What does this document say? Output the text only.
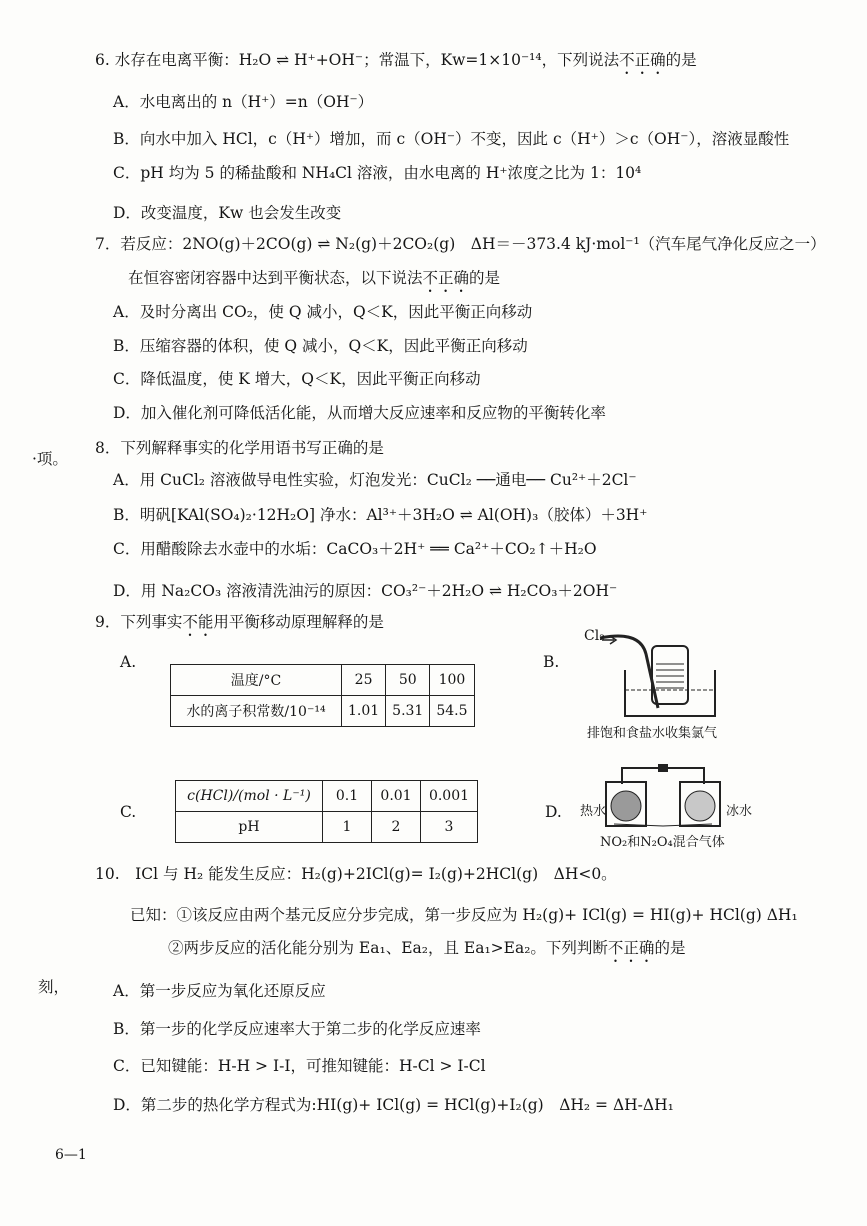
6. 水存在电离平衡：H₂O ⇌ H⁺+OH⁻；常温下，Kw=1×10⁻¹⁴，下列说法不正确的是
A．水电离出的 n（H⁺）=n（OH⁻）
B．向水中加入 HCl，c（H⁺）增加，而 c（OH⁻）不变，因此 c（H⁺）＞c（OH⁻），溶液显酸性
C．pH 均为 5 的稀盐酸和 NH₄Cl 溶液，由水电离的 H⁺浓度之比为 1：10⁴
D．改变温度，Kw 也会发生改变
7．若反应：2NO(g)＋2CO(g) ⇌ N₂(g)＋2CO₂(g)　ΔH＝－373.4 kJ·mol⁻¹（汽车尾气净化反应之一）
在恒容密闭容器中达到平衡状态，以下说法不正确的是
A．及时分离出 CO₂，使 Q 减小，Q＜K，因此平衡正向移动
B．压缩容器的体积，使 Q 减小，Q＜K，因此平衡正向移动
C．降低温度，使 K 增大，Q＜K，因此平衡正向移动
D．加入催化剂可降低活化能，从而增大反应速率和反应物的平衡转化率
·项。
8．下列解释事实的化学用语书写正确的是
A．用 CuCl₂ 溶液做导电性实验，灯泡发光：CuCl₂ ──通电── Cu²⁺＋2Cl⁻
B．明矾[KAl(SO₄)₂·12H₂O] 净水：Al³⁺＋3H₂O ⇌ Al(OH)₃（胶体）＋3H⁺
C．用醋酸除去水壶中的水垢：CaCO₃＋2H⁺ ══ Ca²⁺＋CO₂↑＋H₂O
D．用 Na₂CO₃ 溶液清洗油污的原因：CO₃²⁻＋2H₂O ⇌ H₂CO₃＋2OH⁻
9．下列事实不能用平衡移动原理解释的是
A.
温度/°C	25	50	100
水的离子积常数/10⁻¹⁴	1.01	5.31	54.5
B.
Cl₂
排饱和食盐水收集氯气
C.
c(HCl)/(mol · L⁻¹)	0.1	0.01	0.001
pH	1	2	3
D. 热水	冰水
NO₂和N₂O₄混合气体
10.　ICl 与 H₂ 能发生反应：H₂(g)+2ICl(g)= I₂(g)+2HCl(g)　ΔH<0。
已知：①该反应由两个基元反应分步完成，第一步反应为 H₂(g)+ ICl(g) = HI(g)+ HCl(g) ΔH₁
②两步反应的活化能分别为 Ea₁、Ea₂，且 Ea₁>Ea₂。下列判断不正确的是
刻，	A．第一步反应为氧化还原反应
B．第一步的化学反应速率大于第二步的化学反应速率
C．已知键能：H-H > I-I，可推知键能：H-Cl > I-Cl
D．第二步的热化学方程式为:HI(g)+ ICl(g) = HCl(g)+I₂(g)　ΔH₂ = ΔH-ΔH₁
6—1
